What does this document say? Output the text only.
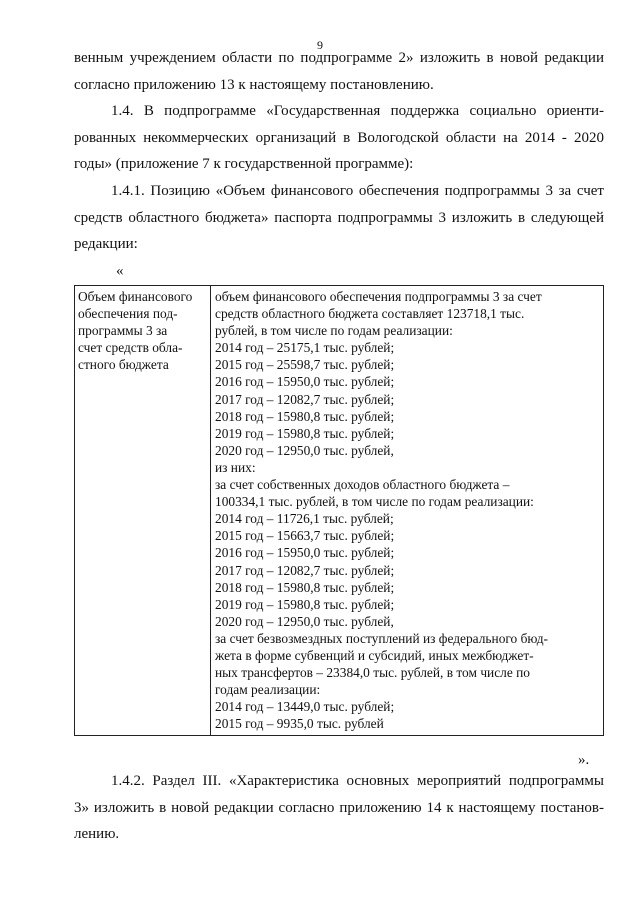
9
венным учреждением области по подпрограмме 2» изложить в новой редакции
согласно приложению 13 к настоящему постановлению.
1.4. В подпрограмме «Государственная поддержка социально ориенти-
рованных некоммерческих организаций в Вологодской области на 2014 - 2020
годы» (приложение 7 к государственной программе):
1.4.1. Позицию «Объем финансового обеспечения подпрограммы 3 за счет
средств областного бюджета» паспорта подпрограммы 3 изложить в следующей
редакции:
«
Объем финансового
обеспечения под-
программы 3 за
счет средств обла-
стного бюджета

объем финансового обеспечения подпрограммы 3 за счет
средств областного бюджета составляет 123718,1 тыс.
рублей, в том числе по годам реализации:
2014 год – 25175,1 тыс. рублей;
2015 год – 25598,7 тыс. рублей;
2016 год – 15950,0 тыс. рублей;
2017 год – 12082,7 тыс. рублей;
2018 год – 15980,8 тыс. рублей;
2019 год – 15980,8 тыс. рублей;
2020 год – 12950,0 тыс. рублей,
из них:
за счет собственных доходов областного бюджета –
100334,1 тыс. рублей, в том числе по годам реализации:
2014 год – 11726,1 тыс. рублей;
2015 год – 15663,7 тыс. рублей;
2016 год – 15950,0 тыс. рублей;
2017 год – 12082,7 тыс. рублей;
2018 год – 15980,8 тыс. рублей;
2019 год – 15980,8 тыс. рублей;
2020 год – 12950,0 тыс. рублей,
за счет безвозмездных поступлений из федерального бюд-
жета в форме субвенций и субсидий, иных межбюджет-
ных трансфертов – 23384,0 тыс. рублей, в том числе по
годам реализации:
2014 год – 13449,0 тыс. рублей;
2015 год – 9935,0 тыс. рублей
».
1.4.2. Раздел III. «Характеристика основных мероприятий подпрограммы
3» изложить в новой редакции согласно приложению 14 к настоящему постанов-
лению.
